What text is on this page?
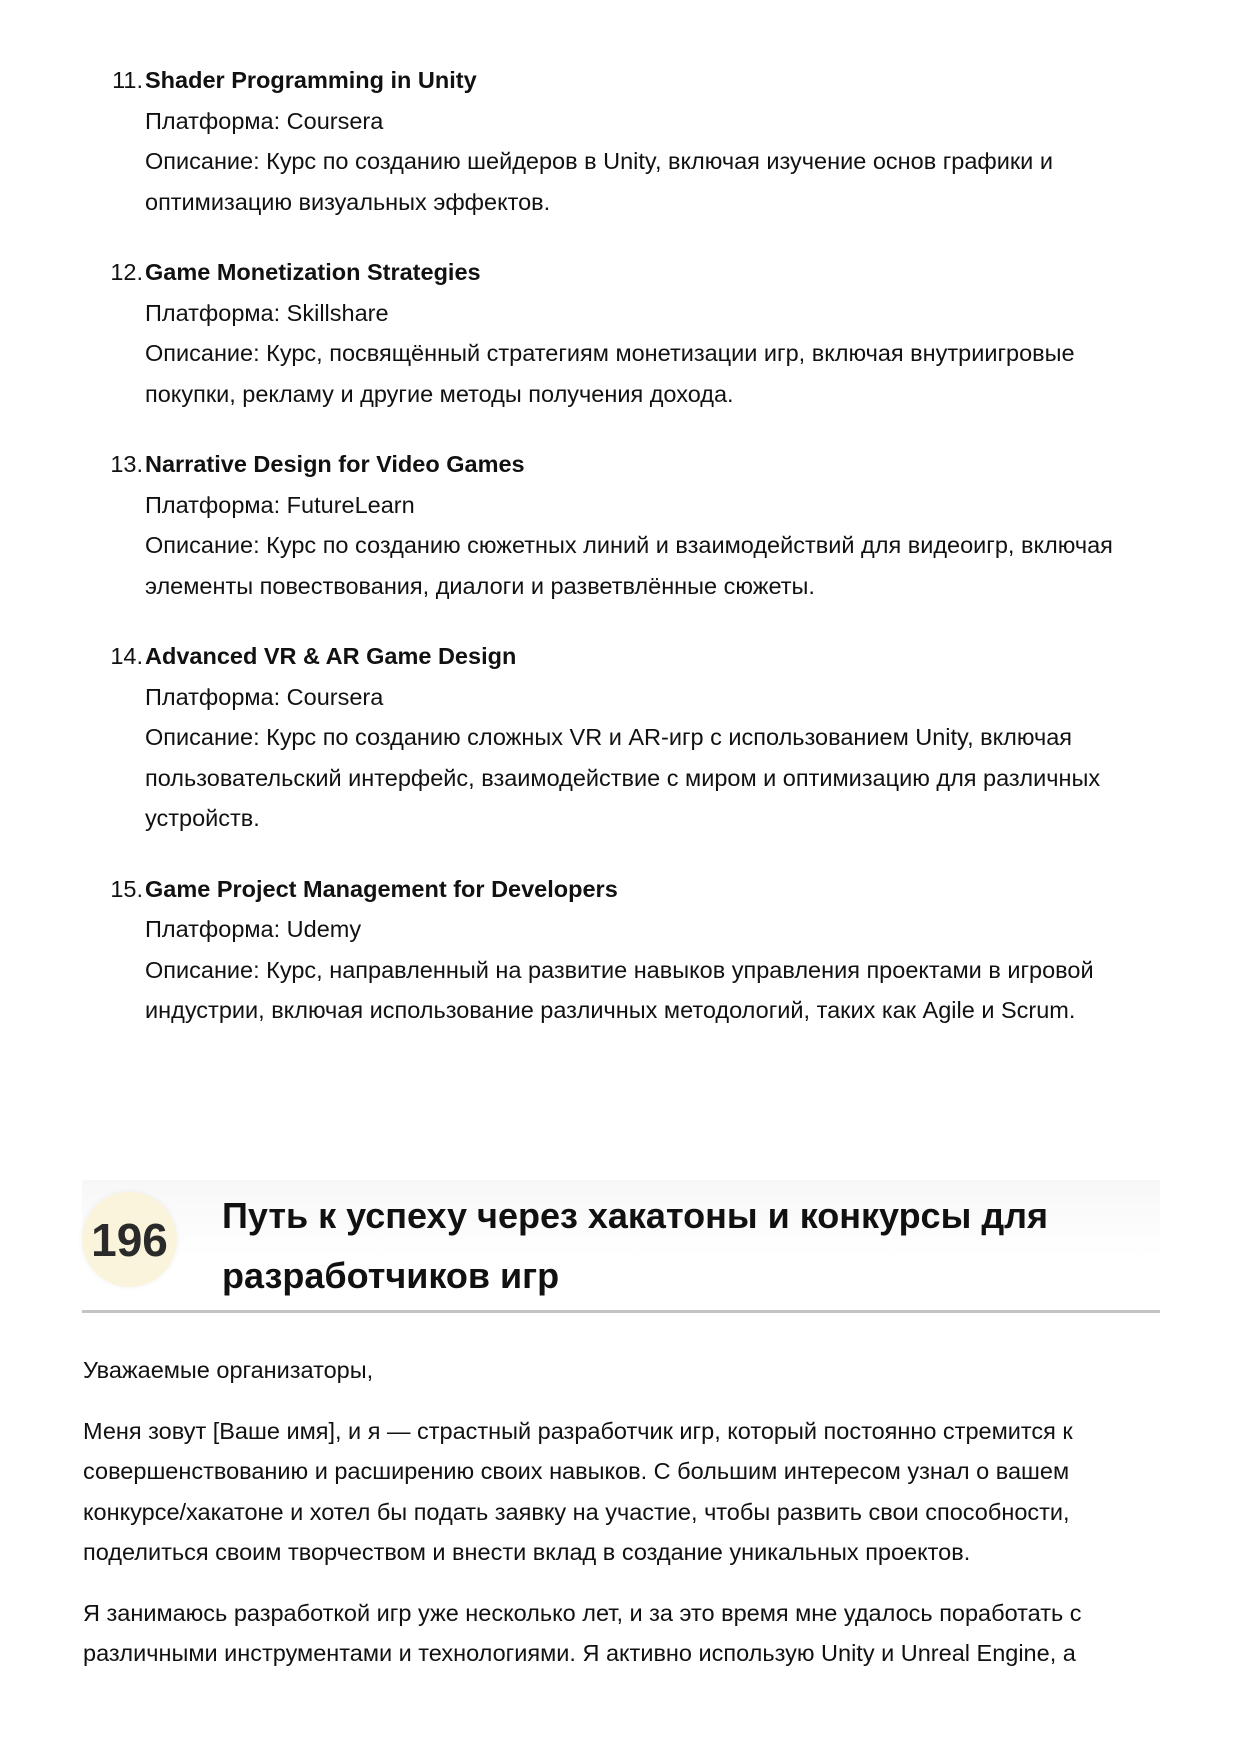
11. Shader Programming in Unity
Платформа: Coursera
Описание: Курс по созданию шейдеров в Unity, включая изучение основ графики и оптимизацию визуальных эффектов.
12. Game Monetization Strategies
Платформа: Skillshare
Описание: Курс, посвящённый стратегиям монетизации игр, включая внутриигровые покупки, рекламу и другие методы получения дохода.
13. Narrative Design for Video Games
Платформа: FutureLearn
Описание: Курс по созданию сюжетных линий и взаимодействий для видеоигр, включая элементы повествования, диалоги и разветвлённые сюжеты.
14. Advanced VR & AR Game Design
Платформа: Coursera
Описание: Курс по созданию сложных VR и AR-игр с использованием Unity, включая пользовательский интерфейс, взаимодействие с миром и оптимизацию для различных устройств.
15. Game Project Management for Developers
Платформа: Udemy
Описание: Курс, направленный на развитие навыков управления проектами в игровой индустрии, включая использование различных методологий, таких как Agile и Scrum.
196 Путь к успеху через хакатоны и конкурсы для разработчиков игр

Уважаемые организаторы,

Меня зовут [Ваше имя], и я — страстный разработчик игр, который постоянно стремится к совершенствованию и расширению своих навыков. С большим интересом узнал о вашем конкурсе/хакатоне и хотел бы подать заявку на участие, чтобы развить свои способности, поделиться своим творчеством и внести вклад в создание уникальных проектов.

Я занимаюсь разработкой игр уже несколько лет, и за это время мне удалось поработать с различными инструментами и технологиями. Я активно использую Unity и Unreal Engine, а
